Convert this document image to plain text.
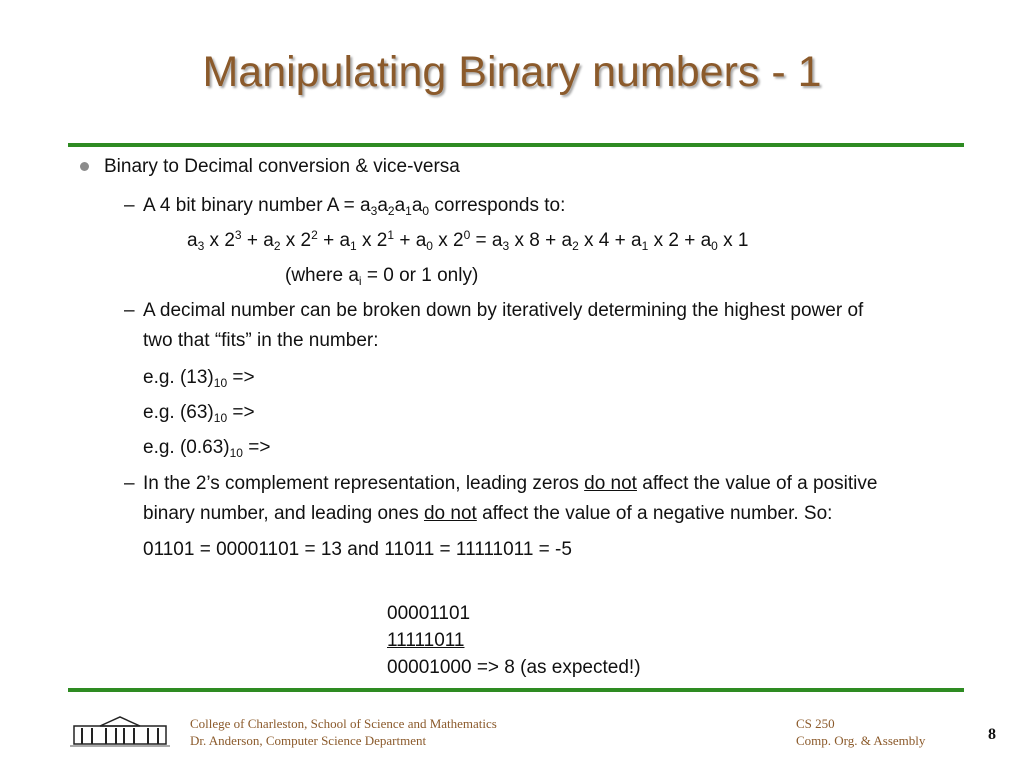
Manipulating Binary numbers - 1
Binary to Decimal conversion & vice-versa
– A 4 bit binary number $A = a_3a_2a_1a_0$ corresponds to:
$a_3$ x $2^3 + a_2$ x $2^2 + a_1$ x $2^1 + a_0$ x $2^0 = a_3$ x $8 + a_2$ x $4 + a_1$ x $2 + a_0$ x 1
(where $a_i = 0$ or 1 only)
– A decimal number can be broken down by iteratively determining the highest power of
two that “fits” in the number:
e.g. $(13)_{10}$ =>
e.g. $(63)_{10}$ =>
e.g. $(0.63)_{10}$ =>
– In the 2’s complement representation, leading zeros do not affect the value of a positive
binary number, and leading ones do not affect the value of a negative number. So:
01101 = 00001101 = 13 and 11011 = 11111011 = -5
00001101
11111011
00001000 => 8 (as expected!)
College of Charleston, School of Science and Mathematics
Dr. Anderson, Computer Science Department
CS 250
Comp. Org. & Assembly	8
